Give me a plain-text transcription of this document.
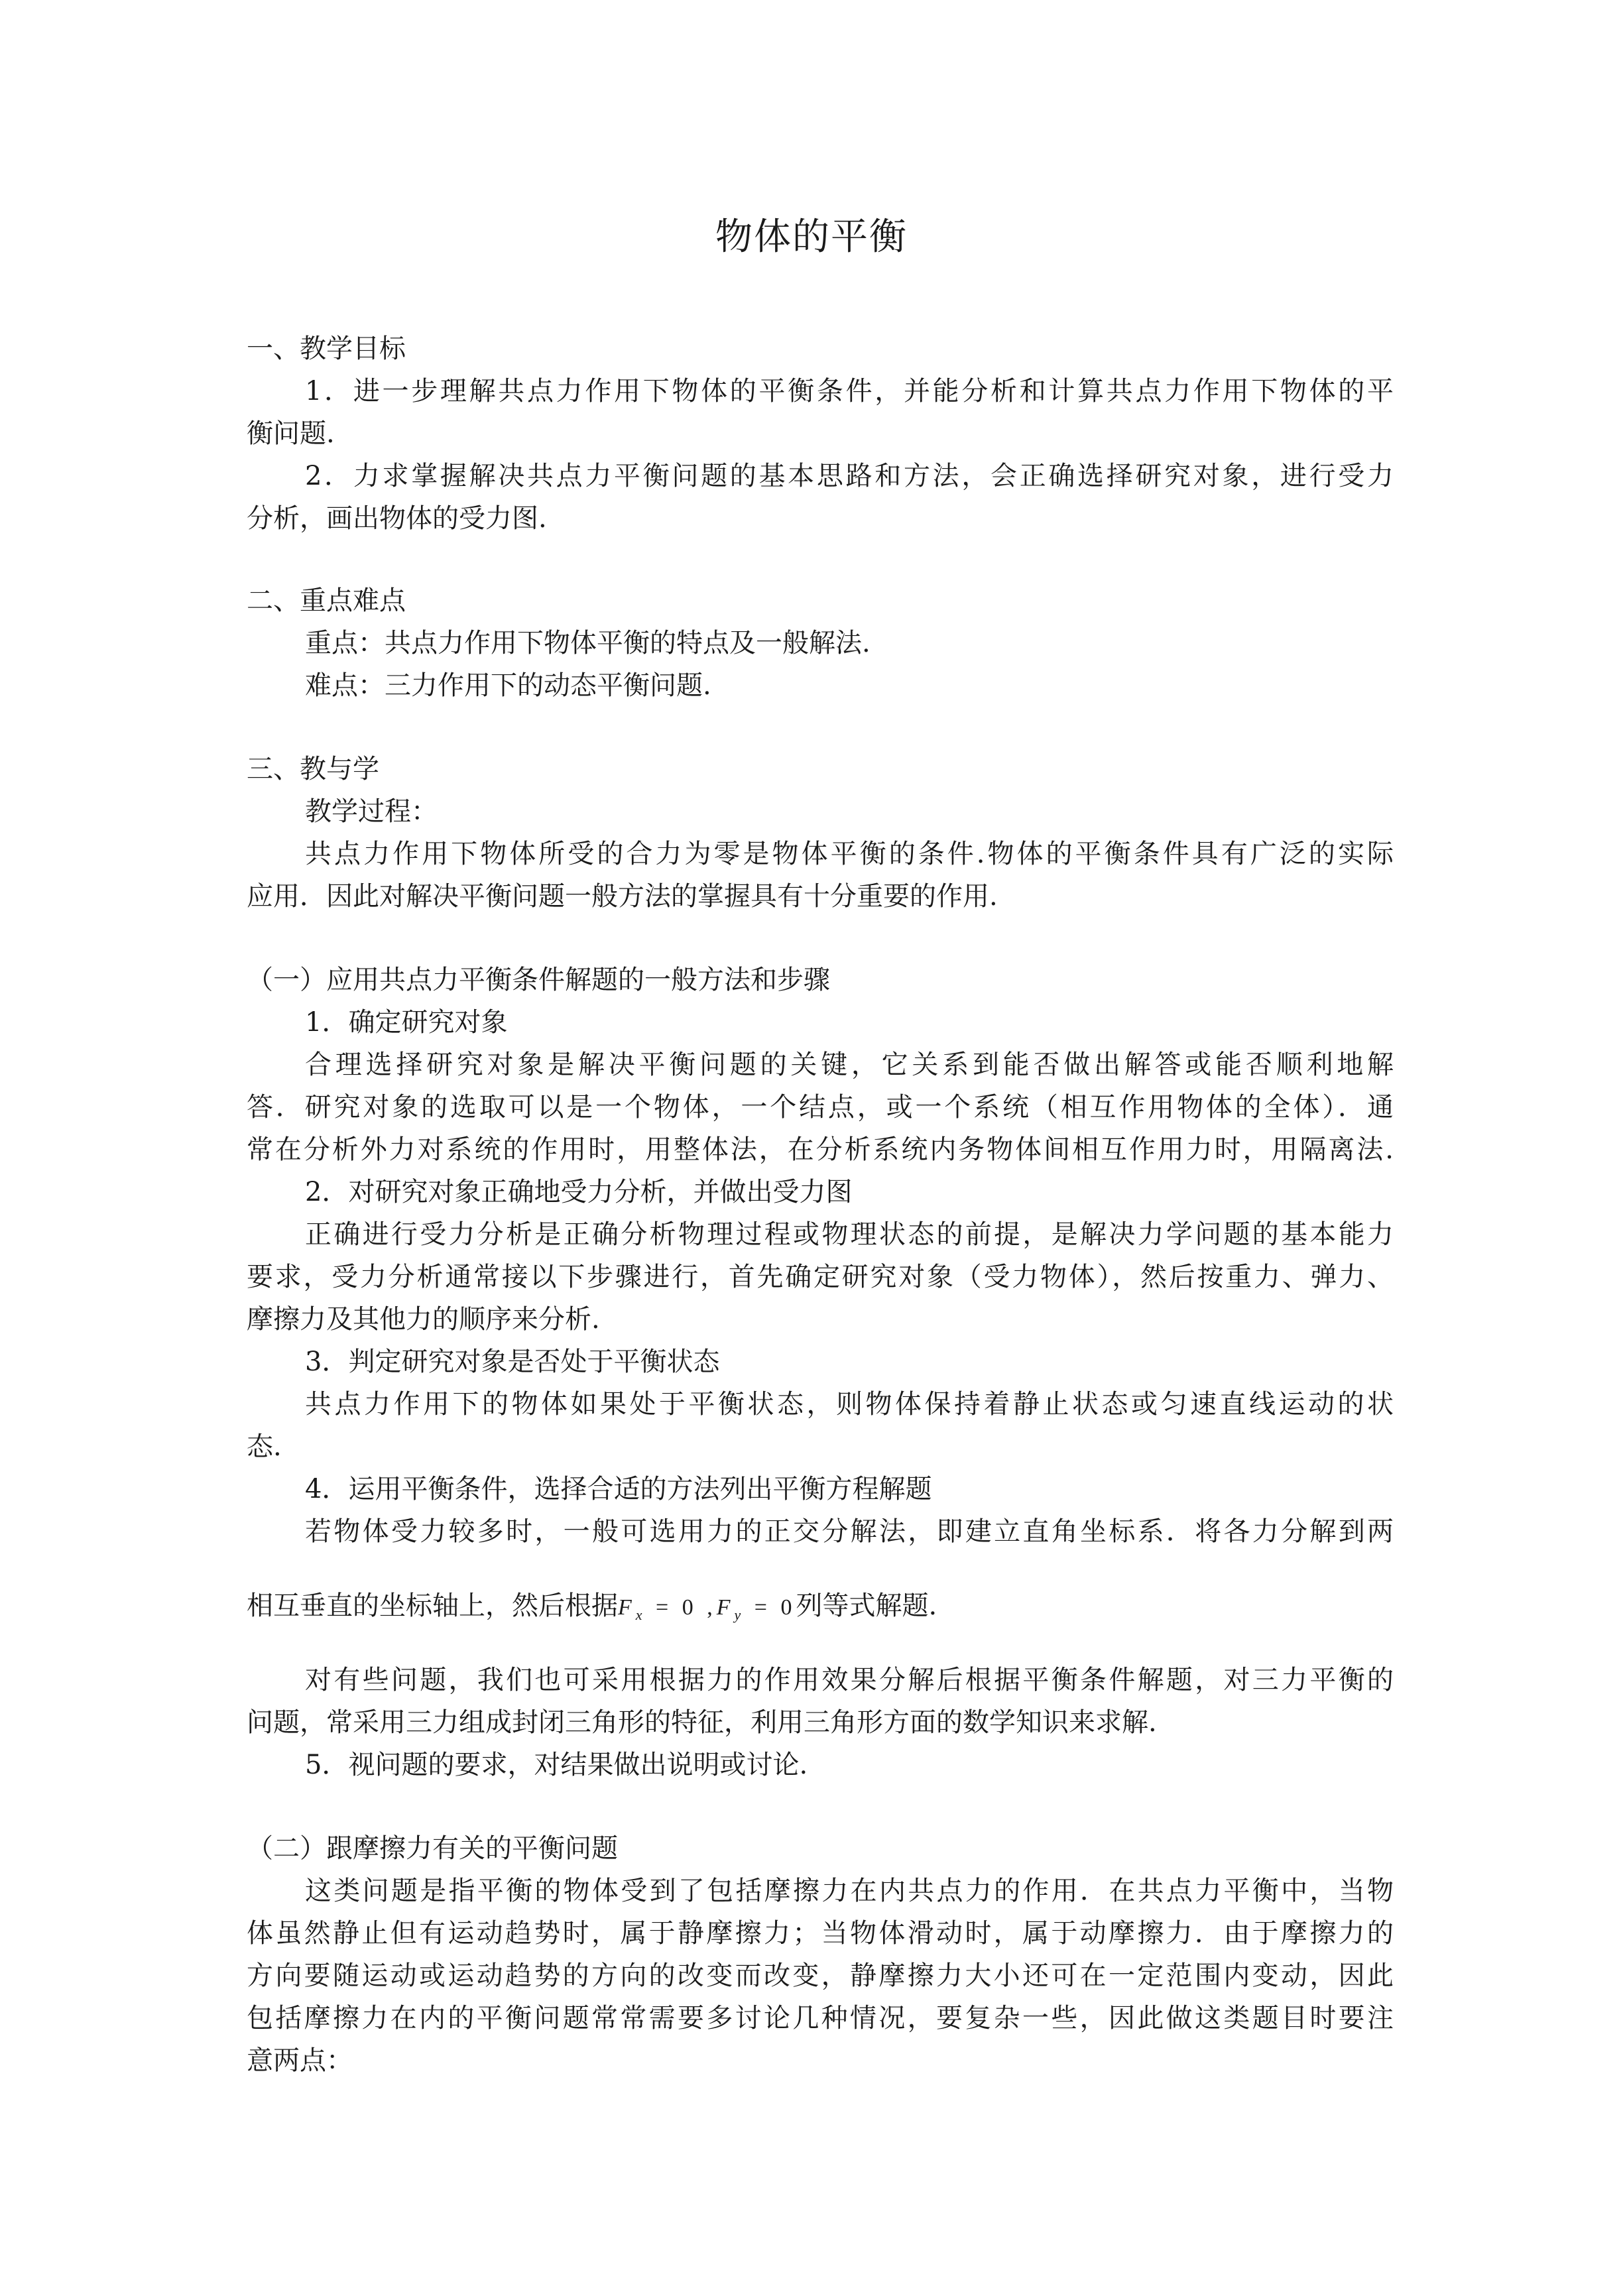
物体的平衡
一、教学目标
1．进一步理解共点力作用下物体的平衡条件，并能分析和计算共点力作用下物体的平
衡问题.
2．力求掌握解决共点力平衡问题的基本思路和方法，会正确选择研究对象，进行受力
分析，画出物体的受力图.
二、重点难点
重点：共点力作用下物体平衡的特点及一般解法.
难点：三力作用下的动态平衡问题.
三、教与学
教学过程：
共点力作用下物体所受的合力为零是物体平衡的条件.物体的平衡条件具有广泛的实际
应用．因此对解决平衡问题一般方法的掌握具有十分重要的作用.
（一）应用共点力平衡条件解题的一般方法和步骤
1．确定研究对象
合理选择研究对象是解决平衡问题的关键，它关系到能否做出解答或能否顺利地解
答．研究对象的选取可以是一个物体，一个结点，或一个系统（相互作用物体的全体）．通
常在分析外力对系统的作用时，用整体法，在分析系统内务物体间相互作用力时，用隔离法.
2．对研究对象正确地受力分析，并做出受力图
正确进行受力分析是正确分析物理过程或物理状态的前提，是解决力学问题的基本能力
要求，受力分析通常接以下步骤进行，首先确定研究对象（受力物体），然后按重力、弹力、
摩擦力及其他力的顺序来分析.
3．判定研究对象是否处于平衡状态
共点力作用下的物体如果处于平衡状态，则物体保持着静止状态或匀速直线运动的状
态.
4．运用平衡条件，选择合适的方法列出平衡方程解题
若物体受力较多时，一般可选用力的正交分解法，即建立直角坐标系．将各力分解到两
相互垂直的坐标轴上，然后根据$F_x = 0$ $,F_y = 0$列等式解题.
对有些问题，我们也可采用根据力的作用效果分解后根据平衡条件解题，对三力平衡的
问题，常采用三力组成封闭三角形的特征，利用三角形方面的数学知识来求解.
5．视问题的要求，对结果做出说明或讨论.
（二）跟摩擦力有关的平衡问题
这类问题是指平衡的物体受到了包括摩擦力在内共点力的作用．在共点力平衡中，当物
体虽然静止但有运动趋势时，属于静摩擦力；当物体滑动时，属于动摩擦力．由于摩擦力的
方向要随运动或运动趋势的方向的改变而改变，静摩擦力大小还可在一定范围内变动，因此
包括摩擦力在内的平衡问题常常需要多讨论几种情况，要复杂一些，因此做这类题目时要注
意两点：
